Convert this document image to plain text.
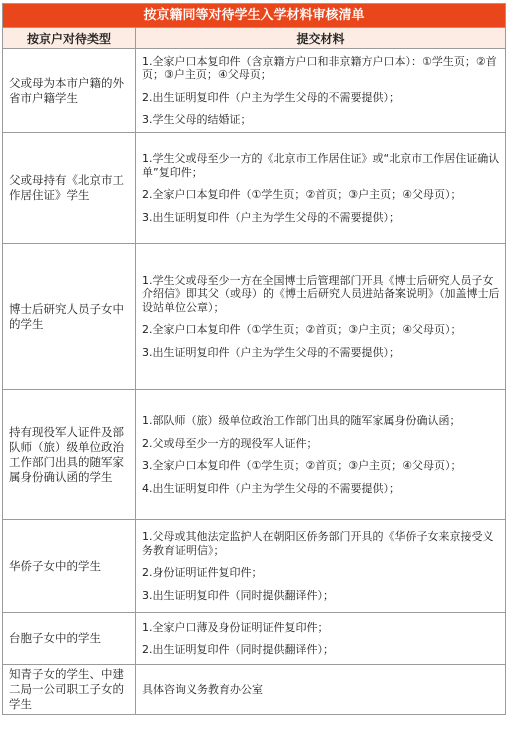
按京籍同等对待学生入学材料审核清单
按京户对待类型	提交材料
父或母为本市户籍的外省市户籍学生	1.全家户口本复印件（含京籍方户口和非京籍方户口本）：①学生页；②首页；③户主页；④父母页；
2.出生证明复印件（户主为学生父母的不需要提供）；
3.学生父母的结婚证；

父或母持有《北京市工作居住证》学生	1.学生父或母至少一方的《北京市工作居住证》或“北京市工作居住证确认单”复印件；
2.全家户口本复印件（①学生页；②首页；③户主页；④父母页）；
3.出生证明复印件（户主为学生父母的不需要提供）；

博士后研究人员子女中的学生	1.学生父或母至少一方在全国博士后管理部门开具《博士后研究人员子女介绍信》即其父（或母）的《博士后研究人员进站备案说明》（加盖博士后设站单位公章）；
2.全家户口本复印件（①学生页；②首页；③户主页；④父母页）；
3.出生证明复印件（户主为学生父母的不需要提供）；

持有现役军人证件及部队师（旅）级单位政治工作部门出具的随军家属身份确认函的学生	1.部队师（旅）级单位政治工作部门出具的随军家属身份确认函；
2.父或母至少一方的现役军人证件；
3.全家户口本复印件（①学生页；②首页；③户主页；④父母页）；
4.出生证明复印件（户主为学生父母的不需要提供）；

华侨子女中的学生	1.父母或其他法定监护人在朝阳区侨务部门开具的《华侨子女来京接受义务教育证明信》；
2.身份证明证件复印件；
3.出生证明复印件（同时提供翻译件）；

台胞子女中的学生	1.全家户口薄及身份证明证件复印件；
2.出生证明复印件（同时提供翻译件）；

知青子女的学生、中建二局一公司职工子女的学生	具体咨询义务教育办公室
